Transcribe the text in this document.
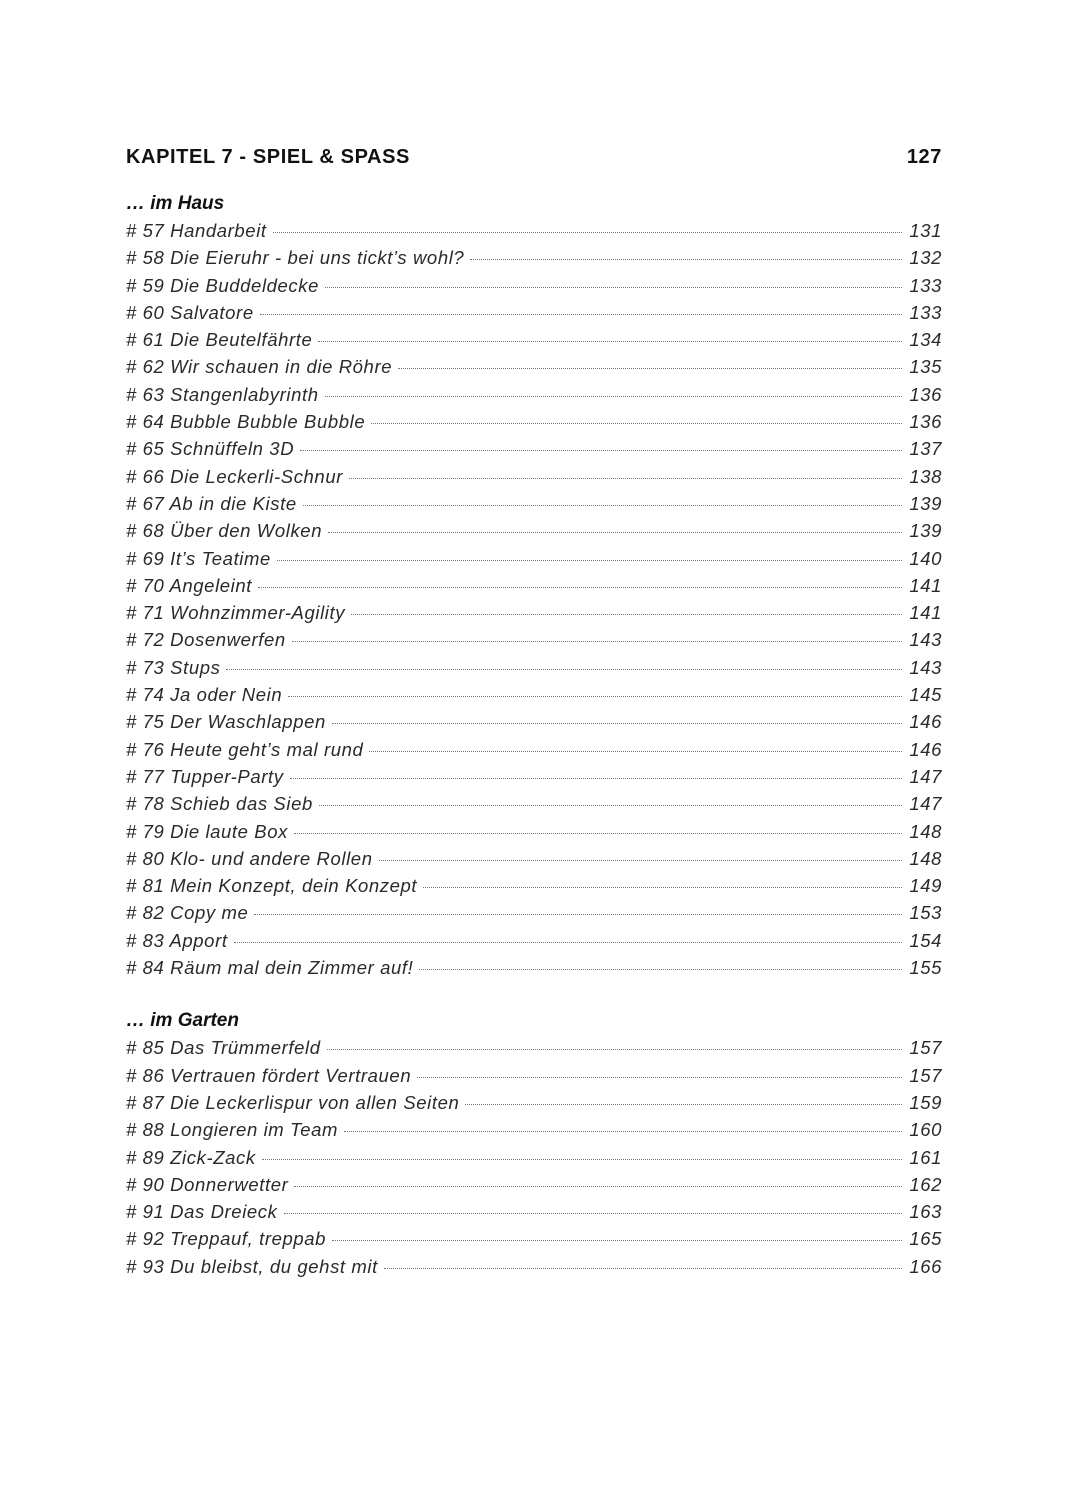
KAPITEL 7 - SPIEL & SPASS	127
… im Haus
# 57 Handarbeit	131
# 58 Die Eieruhr - bei uns tickt’s wohl?	132
# 59 Die Buddeldecke	133
# 60 Salvatore	133
# 61 Die Beutelfährte	134
# 62 Wir schauen in die Röhre	135
# 63 Stangenlabyrinth	136
# 64 Bubble Bubble Bubble	136
# 65 Schnüffeln 3D	137
# 66 Die Leckerli-Schnur	138
# 67 Ab in die Kiste	139
# 68 Über den Wolken	139
# 69 It’s Teatime	140
# 70 Angeleint	141
# 71 Wohnzimmer-Agility	141
# 72 Dosenwerfen	143
# 73 Stups	143
# 74 Ja oder Nein	145
# 75 Der Waschlappen	146
# 76 Heute geht’s mal rund	146
# 77 Tupper-Party	147
# 78 Schieb das Sieb	147
# 79 Die laute Box	148
# 80 Klo- und andere Rollen	148
# 81 Mein Konzept, dein Konzept	149
# 82 Copy me	153
# 83 Apport	154
# 84 Räum mal dein Zimmer auf!	155
… im Garten
# 85 Das Trümmerfeld	157
# 86 Vertrauen fördert Vertrauen	157
# 87 Die Leckerlispur von allen Seiten	159
# 88 Longieren im Team	160
# 89 Zick-Zack	161
# 90 Donnerwetter	162
# 91 Das Dreieck	163
# 92 Treppauf, treppab	165
# 93 Du bleibst, du gehst mit	166
